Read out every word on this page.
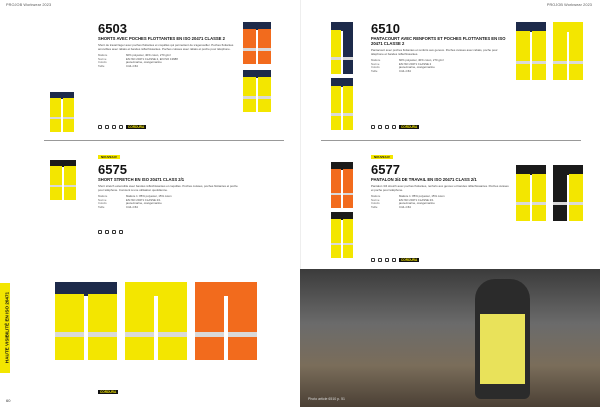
PROJOB Workwear 2023
6503
SHORTS AVEC POCHES FLOTTANTES EN ISO 20471 CLASSE 2
Short de travail léger avec poches flottantes et coquilles qui permettent de s'agenouiller. Poches flottantes amovibles avec rabats et bandes réfléchissantes. Poches cuisses avec rabats et poche pour téléphone.
Matière	60% polyester, 40% coton, 270 g/m²
Norme	EN ISO 20471 CLASSE 2, EN ISO 13688
Coloris	jaune/marine, orange/marine
Taille	C44–C64
CORDURA
NOUVEAU!
6575
SHORT STRETCH EN ISO 20471 CLASS 2/1
Short stretch extensible avec bandes réfléchissantes et coquilles. Poches cuisses, poches flottantes et poche pour téléphone. Convient à une utilisation quotidienne.
Matière	Matière 1: 85% polyester, 15% coton
Norme	EN ISO 20471 CLASSE 2/1
Coloris	jaune/marine, orange/marine
Taille	C44–C64
CORDURA
HAUTE VISIBILITÉ EN ISO 20471
60
PROJOB Workwear 2023
6510
PANTACOURT AVEC RENFORTS ET POCHES FLOTTANTES EN ISO 20471 CLASSE 2
Pantacourt avec poches flottantes et renforts aux genoux. Poches cuisses avec rabats, poche pour téléphone et bandes réfléchissantes.
Matière	60% polyester, 40% coton, 270 g/m²
Norme	EN ISO 20471 CLASSE 2
Coloris	jaune/marine, orange/marine
Taille	C44–C64
CORDURA
NOUVEAU!
6577
PANTALON 3/4 DE TRAVAIL EN ISO 20471 CLASS 2/1
Pantalon 3/4 stretch avec poches flottantes, renforts aux genoux et bandes réfléchissantes. Poches cuisses et poche pour téléphone.
Matière	Matière 1: 85% polyester, 15% coton
Norme	EN ISO 20471 CLASSE 2/1
Coloris	jaune/marine, orange/marine
Taille	C44–C64
CORDURA
Photo article 6510 p. 51
